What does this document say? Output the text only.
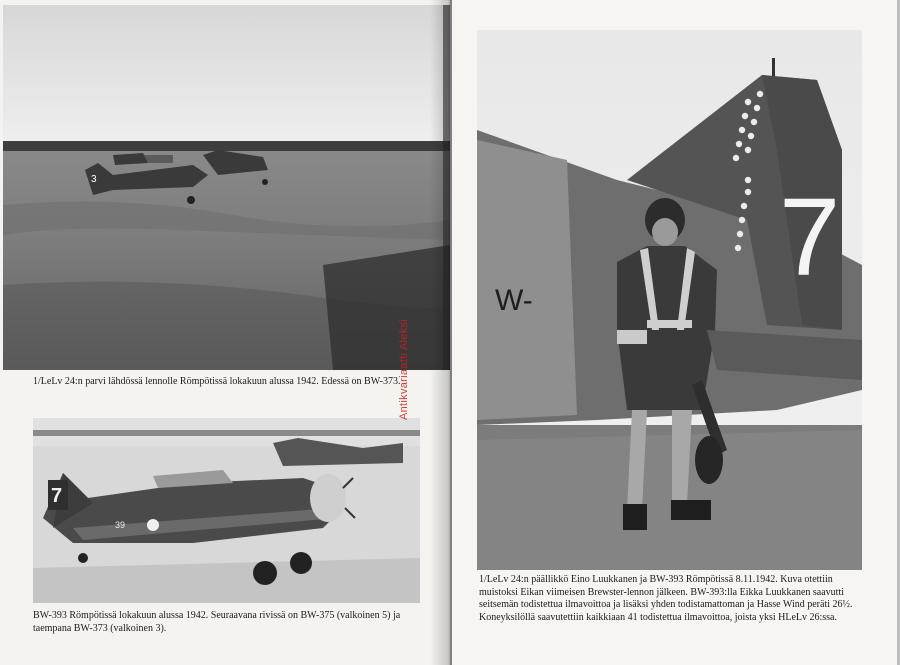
3
1/LeLv 24:n parvi lähdössä lennolle Römpötissä lokakuun alussa 1942. Edessä on BW-373.
7
39
BW-393 Römpötissä lokakuun alussa 1942. Seuraavana rivissä on BW-375 (valkoinen 5) ja taempana BW-373 (valkoinen 3).
Antikvariaatti Aleksi
7
W-
1/LeLv 24:n päällikkö Eino Luukkanen ja BW-393 Römpötissä 8.11.1942. Kuva otettiin muistoksi Eikan viimeisen Brewster-lennon jälkeen. BW-393:lla Eikka Luukkanen saavutti seitsemän todistettua ilmavoittoa ja lisäksi yhden todistamattoman ja Hasse Wind peräti 26½. Koneyksilöllä saavutettiin kaikkiaan 41 todistettua ilmavoittoa, joista yksi HLeLv 26:ssa.
